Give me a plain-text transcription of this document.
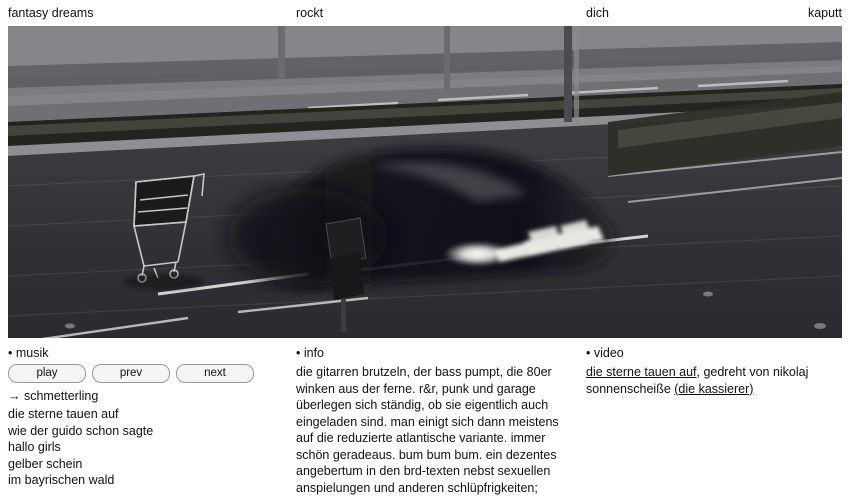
fantasy dreams	rockt	dich	kaputt
• musik
play	prev	next
→ schmetterling
die sterne tauen auf
wie der guido schon sagte
hallo girls
gelber schein
im bayrischen wald
• info

die gitarren brutzeln, der bass pumpt, die 80er winken aus der ferne. r&r, punk und garage überlegen sich ständig, ob sie eigentlich auch eingeladen sind. man einigt sich dann meistens auf die reduzierte atlantische variante. immer schön geradeaus. bum bum bum. ein dezentes angebertum in den brd-texten nebst sexuellen anspielungen und anderen schlüpfrigkeiten;

• video

die sterne tauen auf, gedreht von nikolaj sonnenscheiße (die kassierer)
